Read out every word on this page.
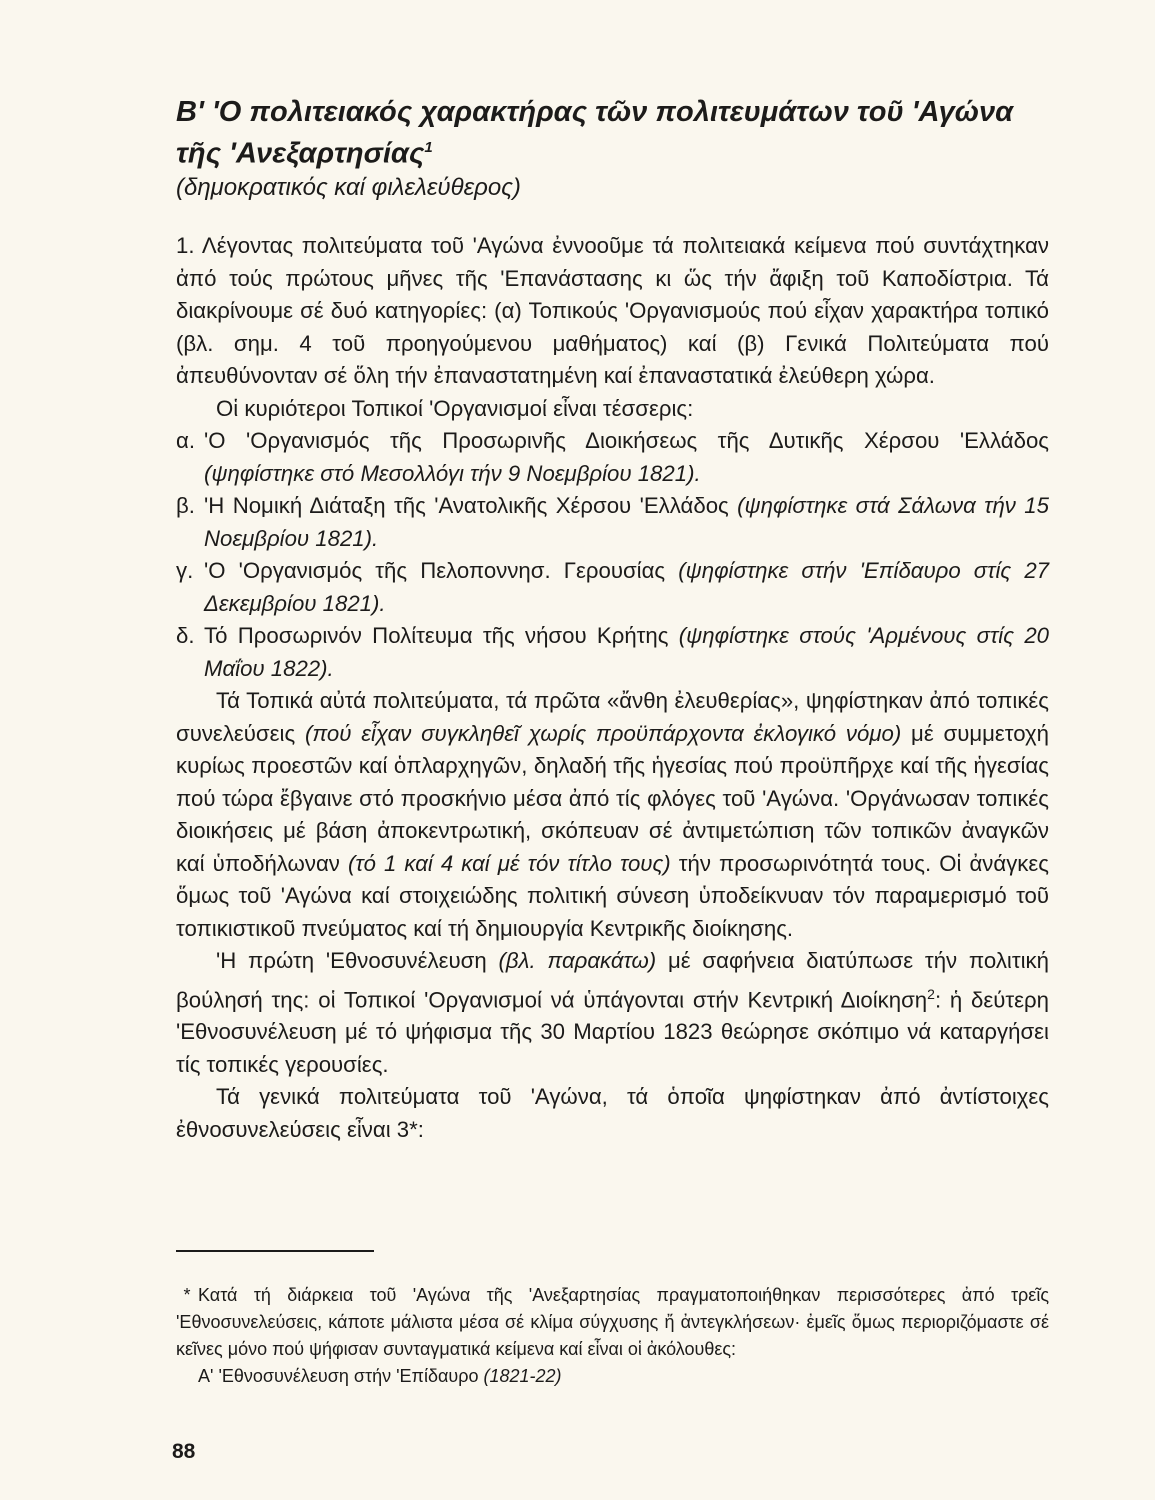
Β' 'Ο πολιτειακός χαρακτήρας τῶν πολιτευμάτων τοῦ 'Αγώνα
τῆς 'Ανεξαρτησίας$^1$
(δημοκρατικός καί φιλελεύθερος)

1. Λέγοντας πολιτεύματα τοῦ 'Αγώνα ἐννοοῦμε τά πολιτειακά κείμενα πού συντάχτηκαν ἀπό τούς πρώτους μῆνες τῆς 'Επανάστασης κι ὥς τήν ἄφιξη τοῦ Καποδίστρια. Τά διακρίνουμε σέ δυό κατηγορίες: (α) Τοπικούς 'Οργανισμούς πού εἶχαν χαρακτήρα τοπικό (βλ. σημ. 4 τοῦ προηγούμενου μαθήματος) καί (β) Γενικά Πολιτεύματα πού ἀπευθύνονταν σέ ὅλη τήν ἐπαναστατημένη καί ἐπαναστατικά ἐλεύθερη χώρα.

Οἱ κυριότεροι Τοπικοί 'Οργανισμοί εἶναι τέσσερις:

α. 'Ο 'Οργανισμός τῆς Προσωρινῆς Διοικήσεως τῆς Δυτικῆς Χέρσου 'Ελλάδος (ψηφίστηκε στό Μεσολλόγι τήν 9 Νοεμβρίου 1821).
β. 'Η Νομική Διάταξη τῆς 'Ανατολικῆς Χέρσου 'Ελλάδος (ψηφίστηκε στά Σάλωνα τήν 15 Νοεμβρίου 1821).
γ. 'Ο 'Οργανισμός τῆς Πελοποννησ. Γερουσίας (ψηφίστηκε στήν 'Επίδαυρο στίς 27 Δεκεμβρίου 1821).
δ. Τό Προσωρινόν Πολίτευμα τῆς νήσου Κρήτης (ψηφίστηκε στούς 'Αρμένους στίς 20 Μαΐου 1822).

Τά Τοπικά αὐτά πολιτεύματα, τά πρῶτα «ἄνθη ἐλευθερίας», ψηφίστηκαν ἀπό τοπικές συνελεύσεις (πού εἶχαν συγκληθεῖ χωρίς προϋπάρχοντα ἐκλογικό νόμο) μέ συμμετοχή κυρίως προεστῶν καί ὁπλαρχηγῶν, δηλαδή τῆς ἡγεσίας πού προϋπῆρχε καί τῆς ἡγεσίας πού τώρα ἔβγαινε στό προσκήνιο μέσα ἀπό τίς φλόγες τοῦ 'Αγώνα. 'Οργάνωσαν τοπικές διοικήσεις μέ βάση ἀποκεντρωτική, σκόπευαν σέ ἀντιμετώπιση τῶν τοπικῶν ἀναγκῶν καί ὑποδήλωναν (τό 1 καί 4 καί μέ τόν τίτλο τους) τήν προσωρινότητά τους. Οἱ ἀνάγκες ὅμως τοῦ 'Αγώνα καί στοιχειώδης πολιτική σύνεση ὑποδείκνυαν τόν παραμερισμό τοῦ τοπικιστικοῦ πνεύματος καί τή δημιουργία Κεντρικῆς διοίκησης.

'Η πρώτη 'Εθνοσυνέλευση (βλ. παρακάτω) μέ σαφήνεια διατύπωσε τήν πολιτική βούλησή της: οἱ Τοπικοί 'Οργανισμοί νά ὑπάγονται στήν Κεντρική Διοίκηση$^2$: ἡ δεύτερη 'Εθνοσυνέλευση μέ τό ψήφισμα τῆς 30 Μαρτίου 1823 θεώρησε σκόπιμο νά καταργήσει τίς τοπικές γερουσίες.

Τά γενικά πολιτεύματα τοῦ 'Αγώνα, τά ὁποῖα ψηφίστηκαν ἀπό ἀντίστοιχες ἐθνοσυνελεύσεις εἶναι 3*:

* Κατά τή διάρκεια τοῦ 'Αγώνα τῆς 'Ανεξαρτησίας πραγματοποιήθηκαν περισσότερες ἀπό τρεῖς 'Εθνοσυνελεύσεις, κάποτε μάλιστα μέσα σέ κλίμα σύγχυσης ἤ ἀντεγκλήσεων· ἐμεῖς ὅμως περιοριζόμαστε σέ κεῖνες μόνο πού ψήφισαν συνταγματικά κείμενα καί εἶναι οἱ ἀκόλουθες:

Α' 'Εθνοσυνέλευση στήν 'Επίδαυρο (1821-22)

88
